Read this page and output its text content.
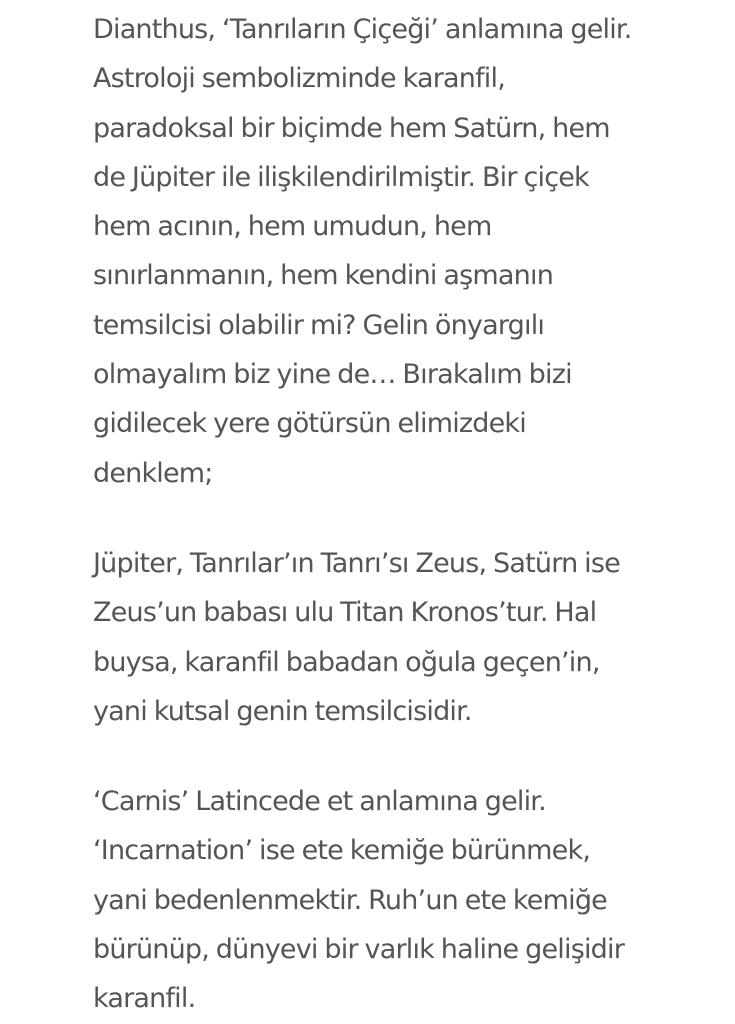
Dianthus, ‘Tanrıların Çiçeği’ anlamına gelir.
Astroloji sembolizminde karanfil,
paradoksal bir biçimde hem Satürn, hem
de Jüpiter ile ilişkilendirilmiştir. Bir çiçek
hem acının, hem umudun, hem
sınırlanmanın, hem kendini aşmanın
temsilcisi olabilir mi? Gelin önyargılı
olmayalım biz yine de… Bırakalım bizi
gidilecek yere götürsün elimizdeki
denklem;

Jüpiter, Tanrılar’ın Tanrı’sı Zeus, Satürn ise
Zeus’un babası ulu Titan Kronos’tur. Hal
buysa, karanfil babadan oğula geçen’in,
yani kutsal genin temsilcisidir.

‘Carnis’ Latincede et anlamına gelir.
‘Incarnation’ ise ete kemiğe bürünmek,
yani bedenlenmektir. Ruh’un ete kemiğe
bürünüp, dünyevi bir varlık haline gelişidir
karanfil.
